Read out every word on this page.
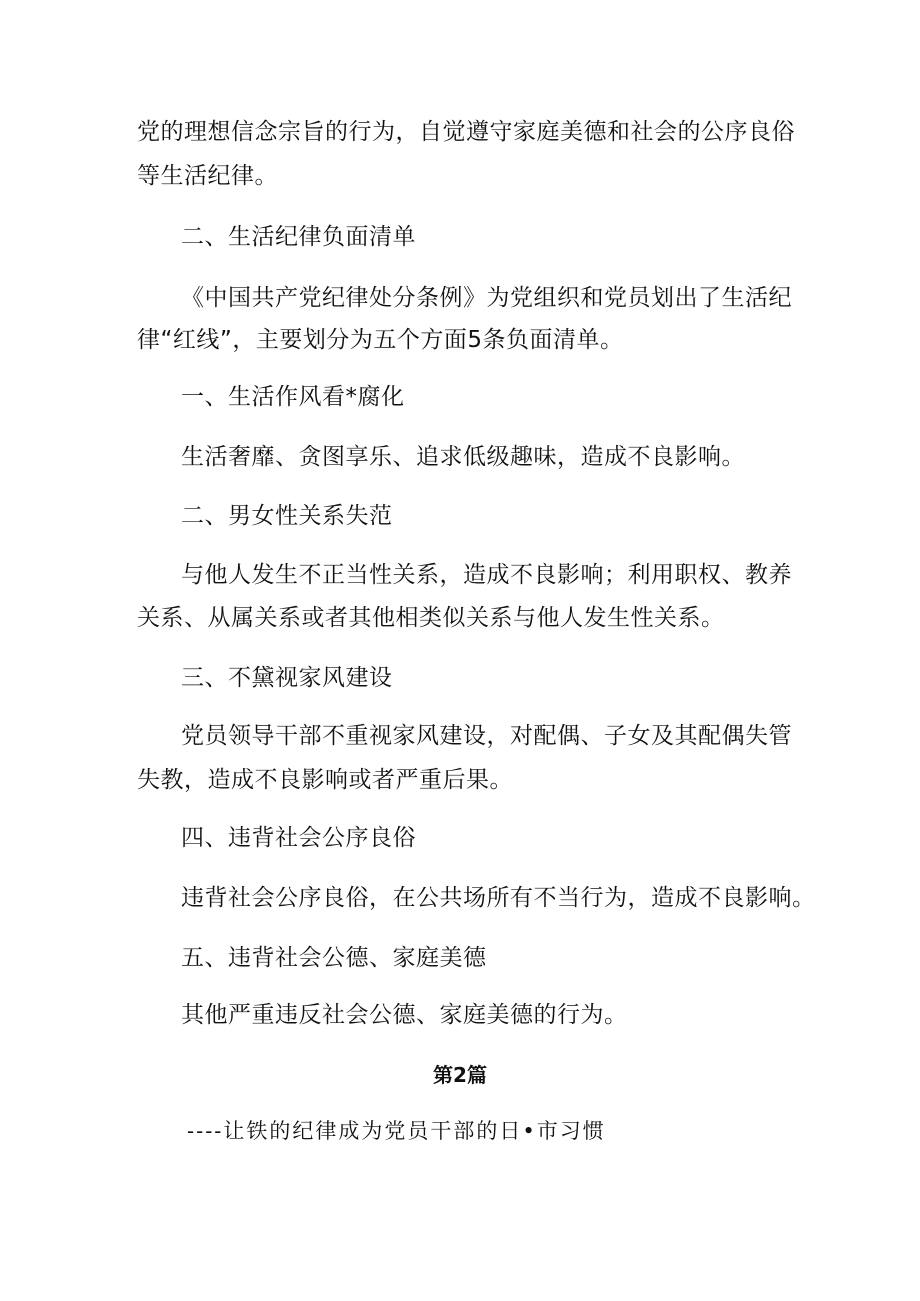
党的理想信念宗旨的行为，自觉遵守家庭美德和社会的公序良俗
等生活纪律。
二、生活纪律负面清单
《中国共产党纪律处分条例》为党组织和党员划出了生活纪
律“红线”，主要划分为五个方面5条负面清单。
一、生活作风看*腐化
生活奢靡、贪图享乐、追求低级趣味，造成不良影响。
二、男女性关系失范
与他人发生不正当性关系，造成不良影响；利用职权、教养
关系、从属关系或者其他相类似关系与他人发生性关系。
三、不黛视家风建设
党员领导干部不重视家风建设，对配偶、子女及其配偶失管
失教，造成不良影响或者严重后果。
四、违背社会公序良俗
违背社会公序良俗，在公共场所有不当行为，造成不良影响。
五、违背社会公德、家庭美德
其他严重违反社会公德、家庭美德的行为。
第2篇
----让铁的纪律成为党员干部的日•市习惯
